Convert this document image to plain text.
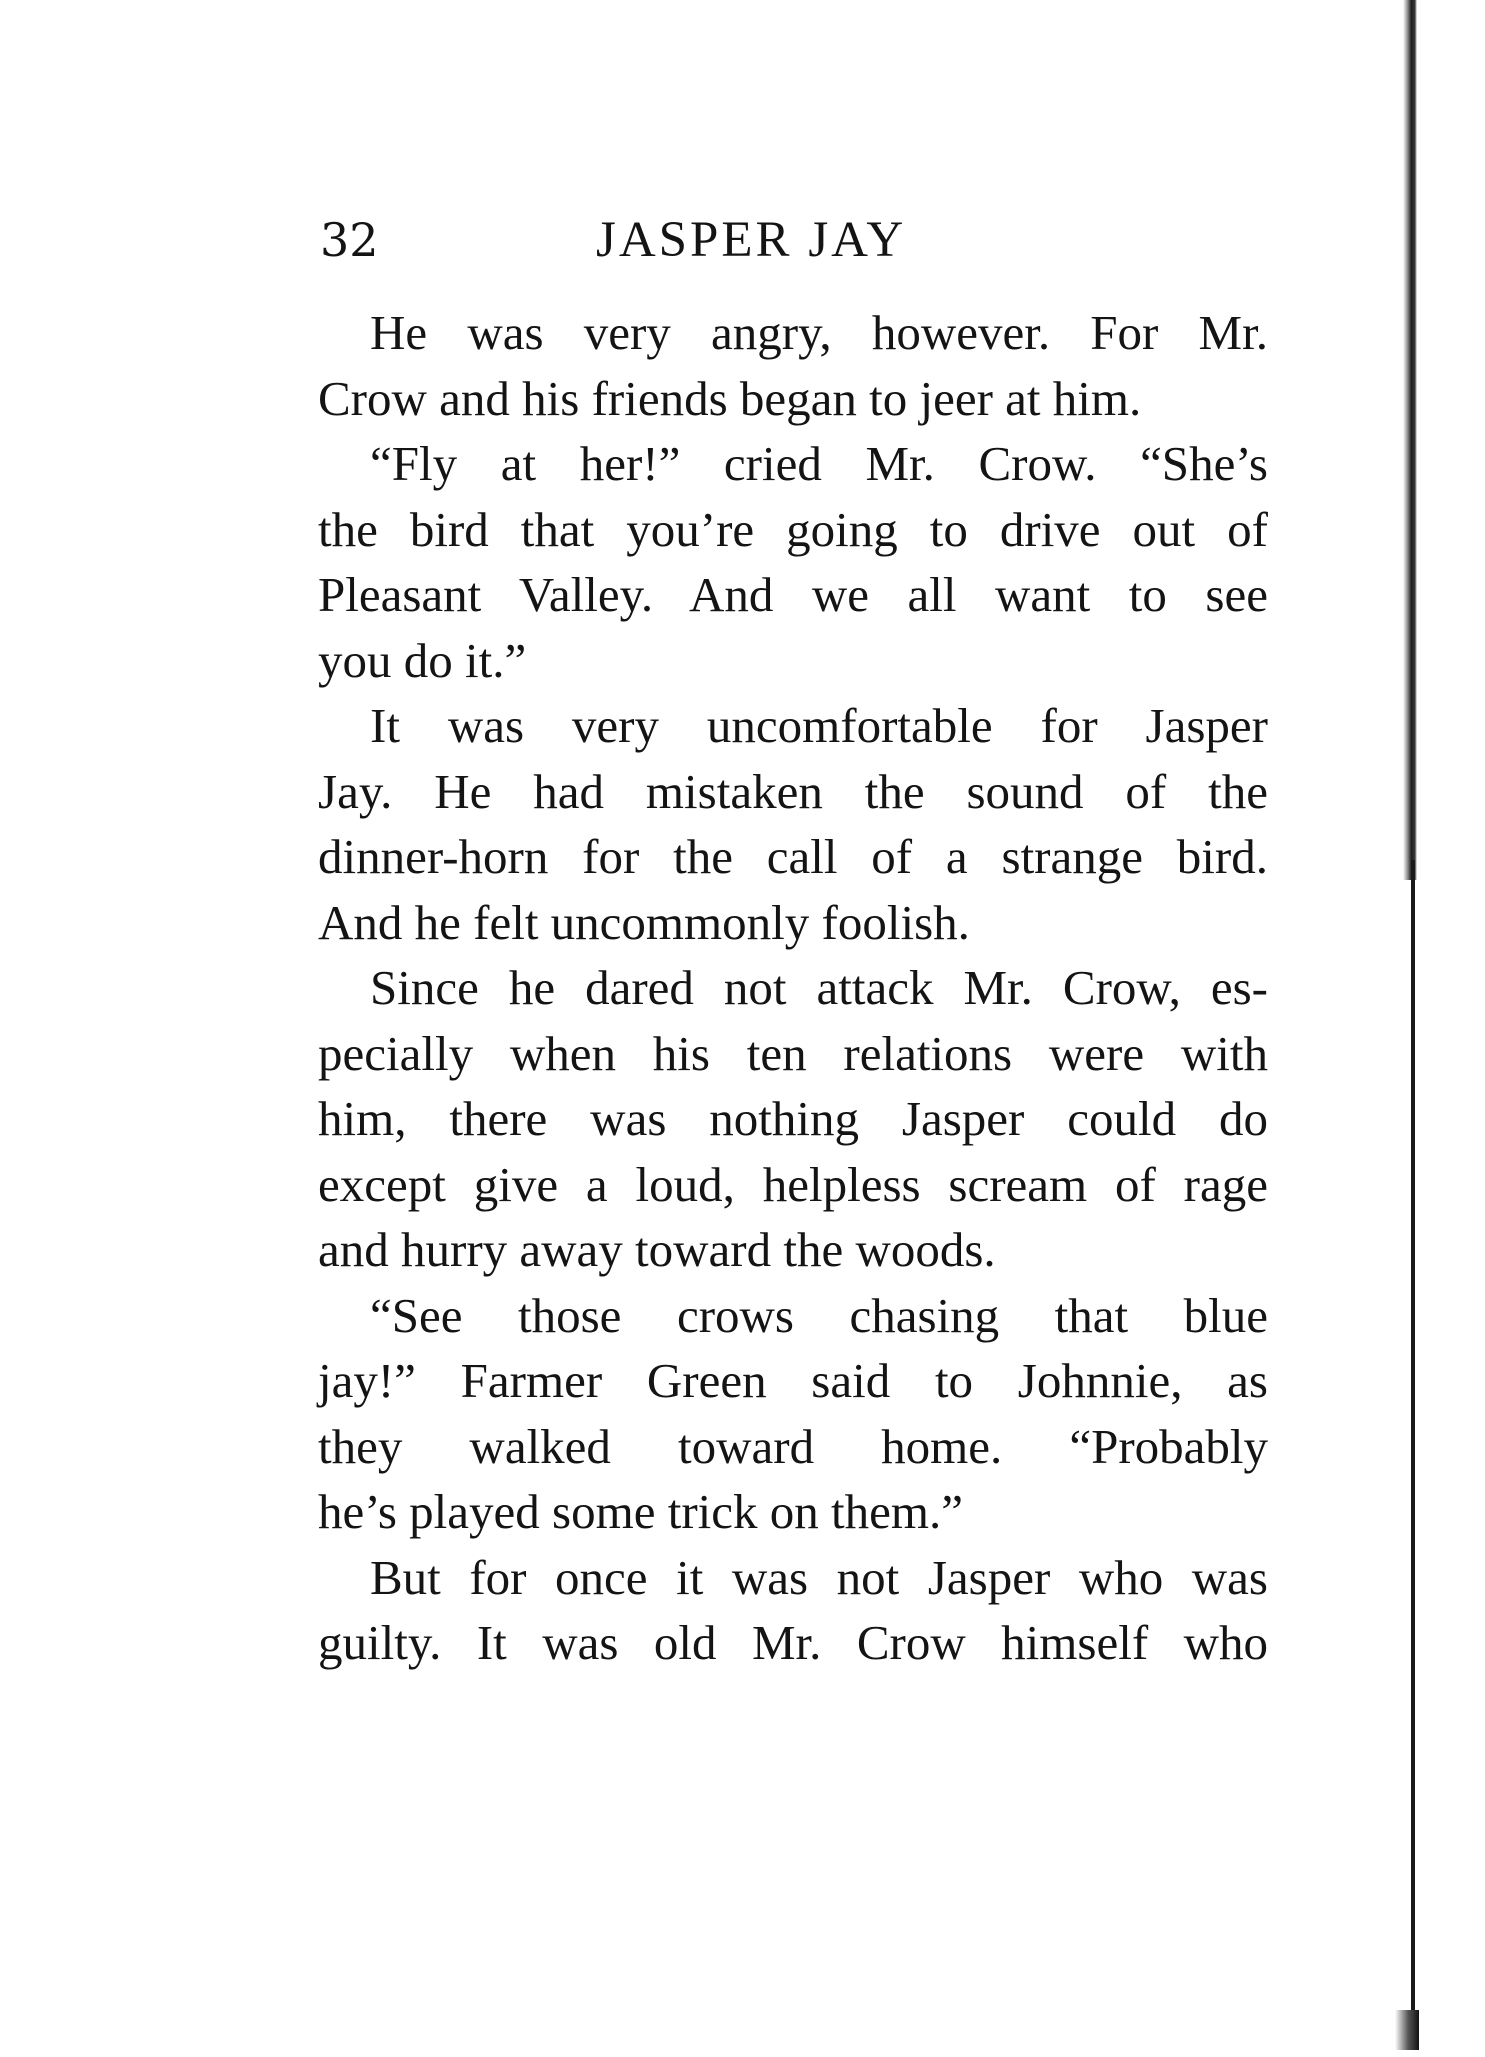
32	JASPER JAY
He was very angry, however. For Mr.
Crow and his friends began to jeer at him.
“Fly at her!” cried Mr. Crow. “She’s
the bird that you’re going to drive out of
Pleasant Valley. And we all want to see
you do it.”
It was very uncomfortable for Jasper
Jay. He had mistaken the sound of the
dinner-horn for the call of a strange bird.
And he felt uncommonly foolish.
Since he dared not attack Mr. Crow, es-
pecially when his ten relations were with
him, there was nothing Jasper could do
except give a loud, helpless scream of rage
and hurry away toward the woods.
“See those crows chasing that blue
jay!” Farmer Green said to Johnnie, as
they walked toward home. “Probably
he’s played some trick on them.”
But for once it was not Jasper who was
guilty. It was old Mr. Crow himself who
